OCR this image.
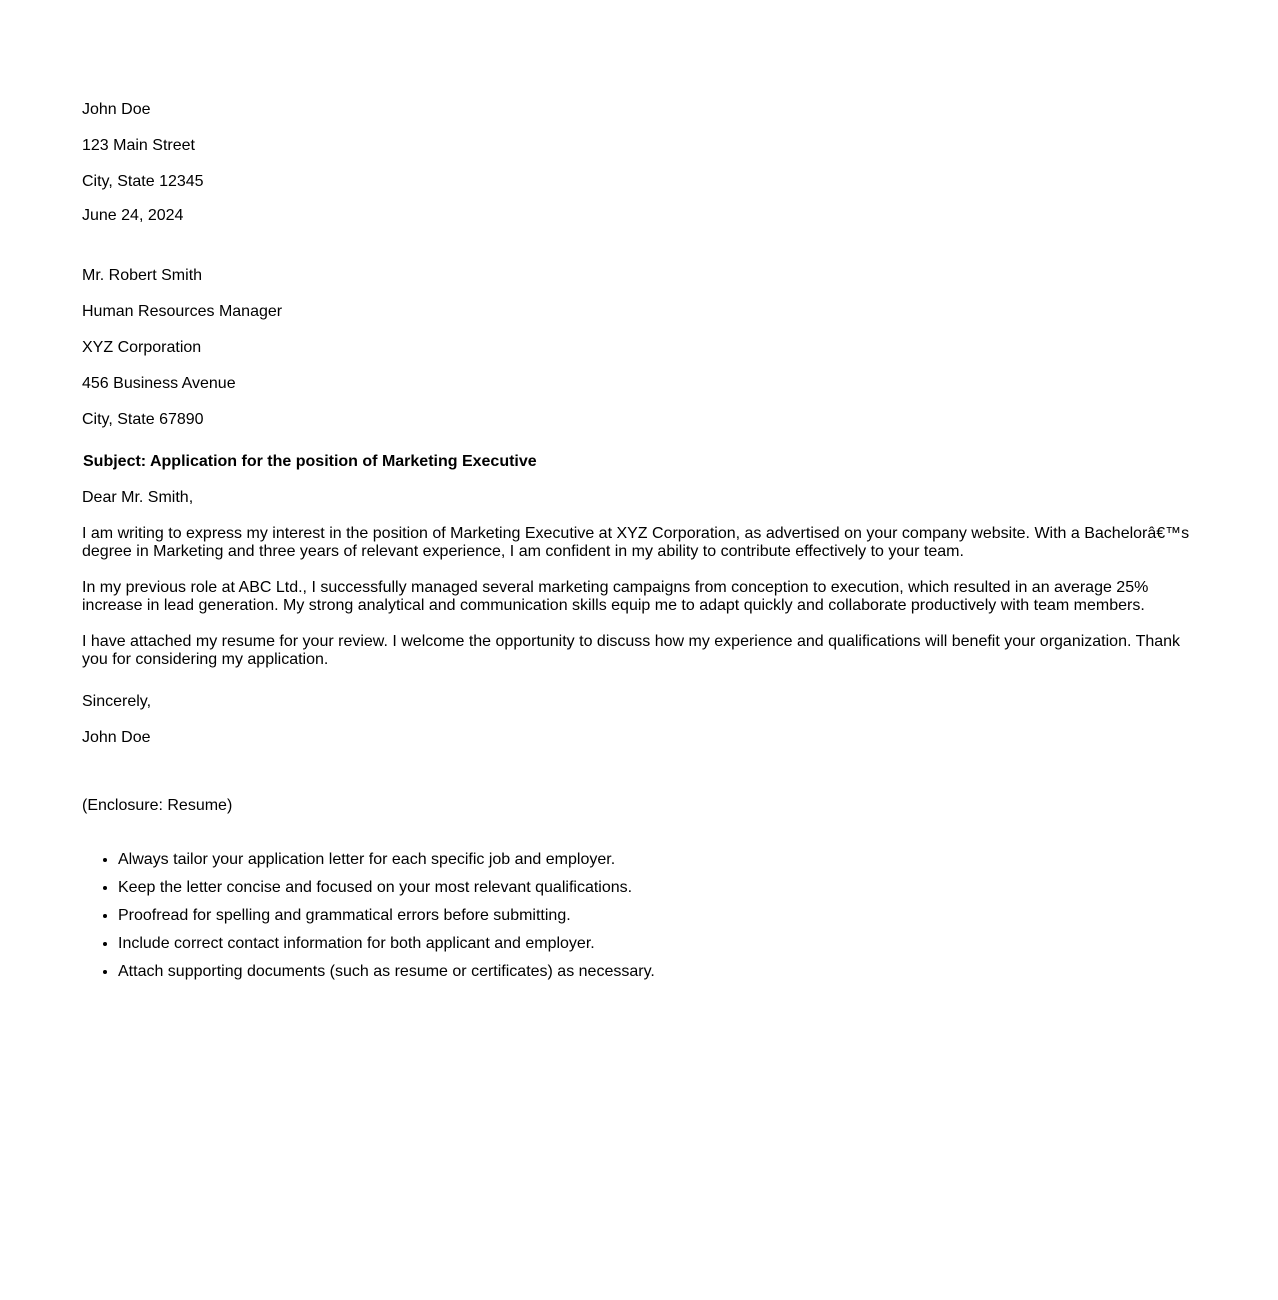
John Doe
123 Main Street
City, State 12345
June 24, 2024
Mr. Robert Smith
Human Resources Manager
XYZ Corporation
456 Business Avenue
City, State 67890
Subject: Application for the position of Marketing Executive
Dear Mr. Smith,
I am writing to express my interest in the position of Marketing Executive at XYZ Corporation, as advertised on your company website. With a Bachelorâ€™s degree in Marketing and three years of relevant experience, I am confident in my ability to contribute effectively to your team.
In my previous role at ABC Ltd., I successfully managed several marketing campaigns from conception to execution, which resulted in an average 25% increase in lead generation. My strong analytical and communication skills equip me to adapt quickly and collaborate productively with team members.
I have attached my resume for your review. I welcome the opportunity to discuss how my experience and qualifications will benefit your organization. Thank you for considering my application.
Sincerely,
John Doe
(Enclosure: Resume)
• Always tailor your application letter for each specific job and employer.
• Keep the letter concise and focused on your most relevant qualifications.
• Proofread for spelling and grammatical errors before submitting.
• Include correct contact information for both applicant and employer.
• Attach supporting documents (such as resume or certificates) as necessary.
